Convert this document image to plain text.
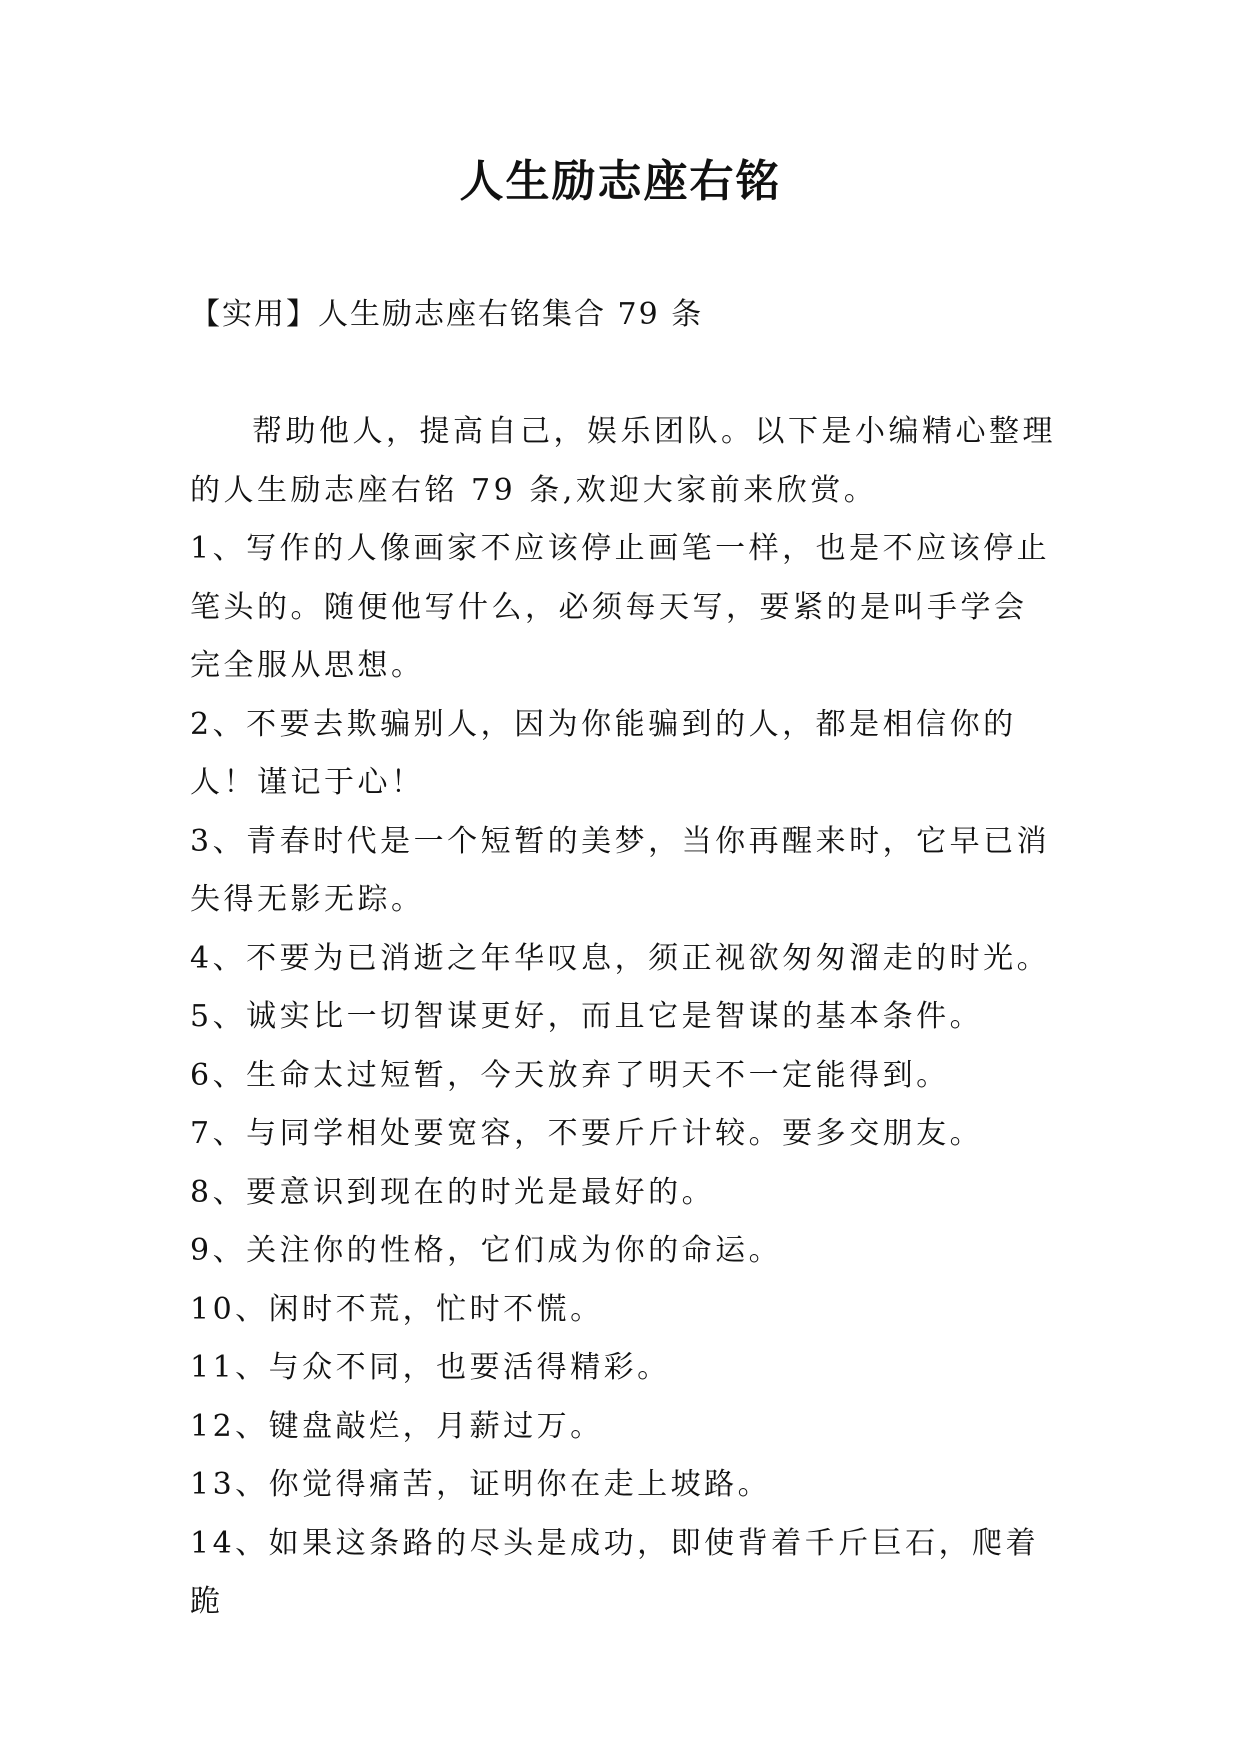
人生励志座右铭
【实用】人生励志座右铭集合 79 条

帮助他人，提高自己，娱乐团队。以下是小编精心整理的人生励志座右铭 79 条,欢迎大家前来欣赏。

1、写作的人像画家不应该停止画笔一样，也是不应该停止笔头的。随便他写什么，必须每天写，要紧的是叫手学会完全服从思想。

2、不要去欺骗别人，因为你能骗到的人，都是相信你的人！谨记于心！

3、青春时代是一个短暂的美梦，当你再醒来时，它早已消失得无影无踪。

4、不要为已消逝之年华叹息，须正视欲匆匆溜走的时光。

5、诚实比一切智谋更好，而且它是智谋的基本条件。

6、生命太过短暂，今天放弃了明天不一定能得到。

7、与同学相处要宽容，不要斤斤计较。要多交朋友。

8、要意识到现在的时光是最好的。

9、关注你的性格，它们成为你的命运。

10、闲时不荒，忙时不慌。

11、与众不同，也要活得精彩。

12、键盘敲烂，月薪过万。

13、你觉得痛苦，证明你在走上坡路。

14、如果这条路的尽头是成功，即使背着千斤巨石，爬着跪
